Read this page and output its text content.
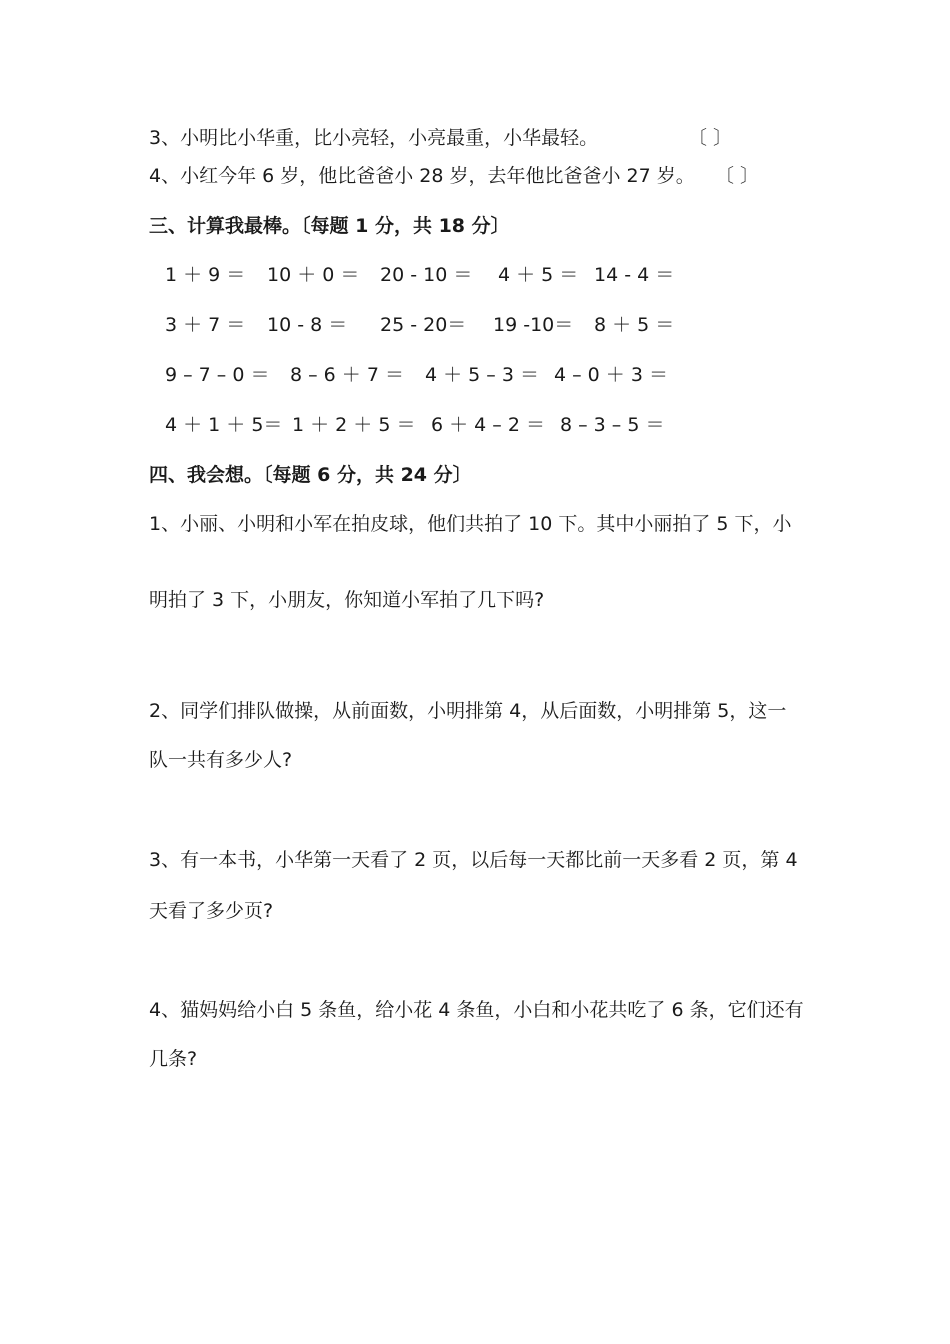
3、小明比小华重，比小亮轻，小亮最重，小华最轻。	〔 〕
4、小红今年 6 岁，他比爸爸小 28 岁，去年他比爸爸小 27 岁。 〔 〕
三、计算我最棒。〔每题 1 分，共 18 分〕
1 ＋ 9 ＝ 10 ＋ 0 ＝ 20 - 10 ＝ 4 ＋ 5 ＝ 14 - 4 ＝
3 ＋ 7 ＝ 10 - 8 ＝ 25 - 20＝ 19 -10＝ 8 ＋ 5 ＝
9 – 7 – 0 ＝ 8 – 6 ＋ 7 ＝ 4 ＋ 5 – 3 ＝ 4 – 0 ＋ 3 ＝
4 ＋ 1 ＋ 5＝ 1 ＋ 2 ＋ 5 ＝ 6 ＋ 4 – 2 ＝ 8 – 3 – 5 ＝
四、我会想。〔每题 6 分，共 24 分〕
1、小丽、小明和小军在拍皮球，他们共拍了 10 下。其中小丽拍了 5 下，小
明拍了 3 下，小朋友，你知道小军拍了几下吗?
2、同学们排队做操，从前面数，小明排第 4，从后面数，小明排第 5，这一
队一共有多少人?
3、有一本书，小华第一天看了 2 页，以后每一天都比前一天多看 2 页，第 4
天看了多少页?
4、猫妈妈给小白 5 条鱼，给小花 4 条鱼，小白和小花共吃了 6 条，它们还有
几条?
